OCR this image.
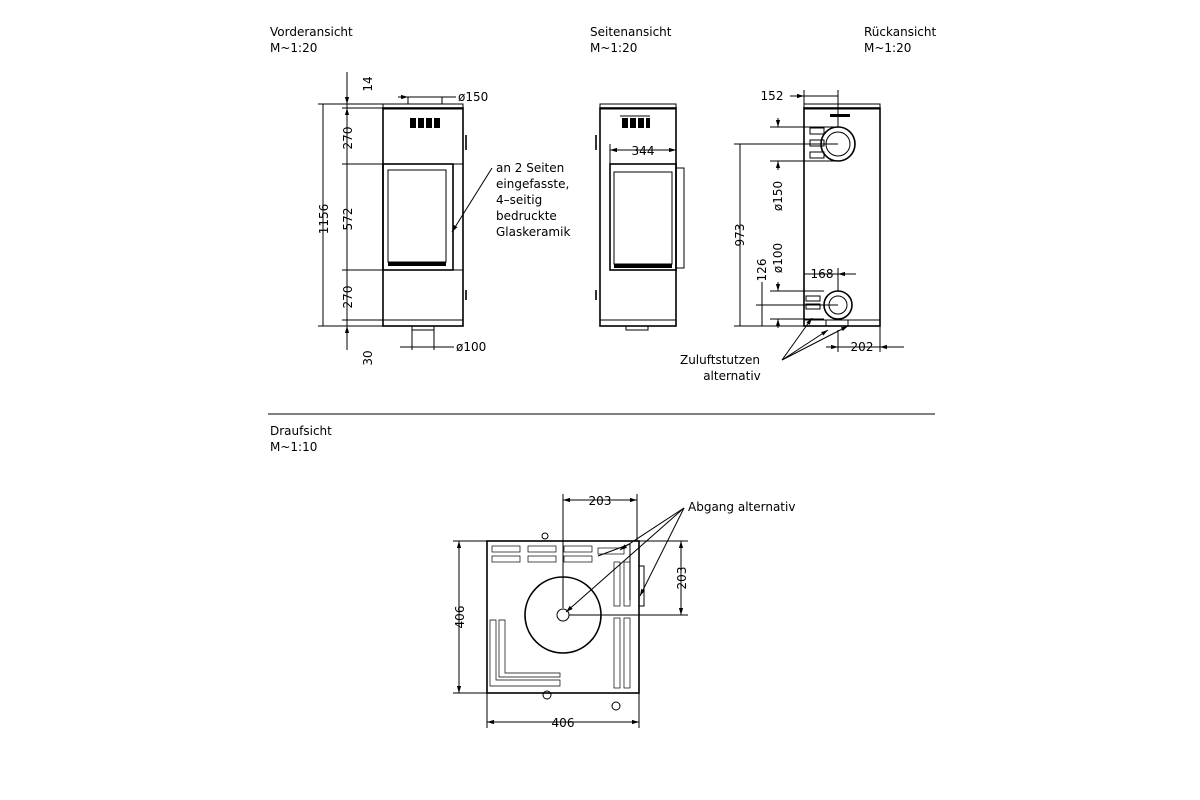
Vorderansicht
M~1:20
Seitenansicht
M~1:20
Rückansicht
M~1:20
Draufsicht
M~1:10
14
270
572
270
30
1156
ø150
ø100
an 2 Seiten
eingefasste,
4–seitig
bedruckte
Glaskeramik
344
152
ø150
973
126 ø100
168
202
Zuluftstutzen
alternativ
203
203
406
406
Abgang alternativ
